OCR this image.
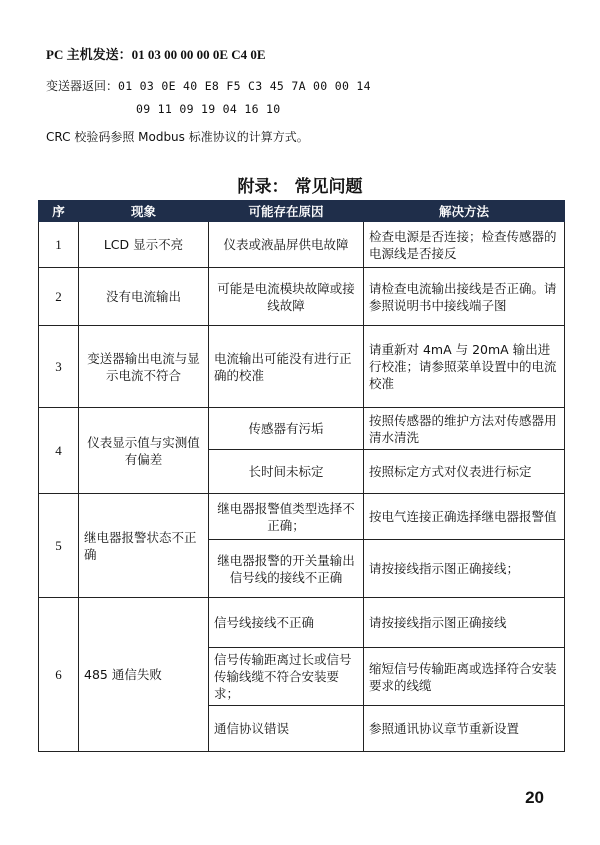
PC 主机发送：01 03 00 00 00 0E C4 0E
变送器返回：01 03 0E 40 E8 F5 C3 45 7A 00 00 14
09 11 09 19 04 16 10
CRC 校验码参照 Modbus 标准协议的计算方式。
附录： 常见问题
序	现象	可能存在原因	解决方法
1	LCD 显示不亮	仪表或液晶屏供电故障	检查电源是否连接；检查传感器的电源线是否接反
2	没有电流输出	可能是电流模块故障或接线故障	请检查电流输出接线是否正确。请参照说明书中接线端子图
3	变送器输出电流与显示电流不符合	电流输出可能没有进行正确的校准	请重新对 4mA 与 20mA 输出进行校准；请参照菜单设置中的电流校准
4	仪表显示值与实测值有偏差	传感器有污垢	按照传感器的维护方法对传感器用清水清洗
		长时间未标定	按照标定方式对仪表进行标定
5	继电器报警状态不正确	继电器报警值类型选择不正确；	按电气连接正确选择继电器报警值
		继电器报警的开关量输出信号线的接线不正确	请按接线指示图正确接线；
6	485 通信失败	信号线接线不正确	请按接线指示图正确接线
		信号传输距离过长或信号传输线缆不符合安装要求；	缩短信号传输距离或选择符合安装要求的线缆
		通信协议错误	参照通讯协议章节重新设置
20
